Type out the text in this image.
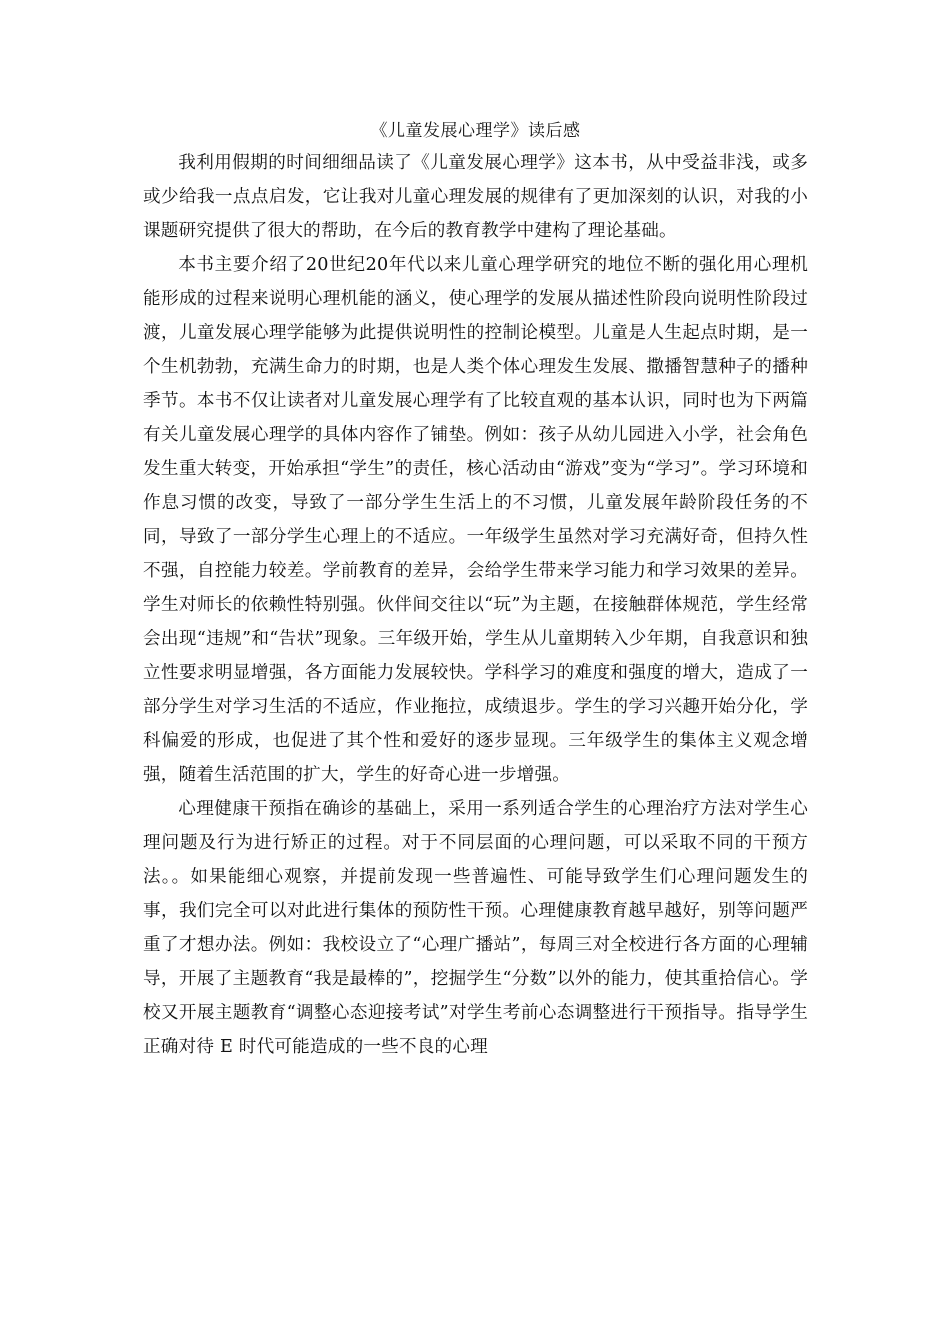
《儿童发展心理学》读后感

我利用假期的时间细细品读了《儿童发展心理学》这本书，从中受益非浅，或多或少给我一点点启发，它让我对儿童心理发展的规律有了更加深刻的认识，对我的小课题研究提供了很大的帮助，在今后的教育教学中建构了理论基础。

本书主要介绍了20世纪20年代以来儿童心理学研究的地位不断的强化用心理机能形成的过程来说明心理机能的涵义，使心理学的发展从描述性阶段向说明性阶段过渡，儿童发展心理学能够为此提供说明性的控制论模型。儿童是人生起点时期，是一个生机勃勃，充满生命力的时期，也是人类个体心理发生发展、撒播智慧种子的播种季节。本书不仅让读者对儿童发展心理学有了比较直观的基本认识，同时也为下两篇有关儿童发展心理学的具体内容作了铺垫。例如：孩子从幼儿园进入小学，社会角色发生重大转变，开始承担“学生”的责任，核心活动由“游戏”变为“学习”。学习环境和作息习惯的改变，导致了一部分学生生活上的不习惯，儿童发展年龄阶段任务的不同，导致了一部分学生心理上的不适应。一年级学生虽然对学习充满好奇，但持久性不强，自控能力较差。学前教育的差异，会给学生带来学习能力和学习效果的差异。学生对师长的依赖性特别强。伙伴间交往以“玩”为主题，在接触群体规范，学生经常会出现“违规”和“告状”现象。三年级开始，学生从儿童期转入少年期，自我意识和独立性要求明显增强，各方面能力发展较快。学科学习的难度和强度的增大，造成了一部分学生对学习生活的不适应，作业拖拉，成绩退步。学生的学习兴趣开始分化，学科偏爱的形成，也促进了其个性和爱好的逐步显现。三年级学生的集体主义观念增强，随着生活范围的扩大，学生的好奇心进一步增强。

心理健康干预指在确诊的基础上，采用一系列适合学生的心理治疗方法对学生心理问题及行为进行矫正的过程。对于不同层面的心理问题，可以采取不同的干预方法。。如果能细心观察，并提前发现一些普遍性、可能导致学生们心理问题发生的事，我们完全可以对此进行集体的预防性干预。心理健康教育越早越好，别等问题严重了才想办法。例如：我校设立了“心理广播站”，每周三对全校进行各方面的心理辅导，开展了主题教育“我是最棒的”，挖掘学生“分数”以外的能力，使其重拾信心。学校又开展主题教育“调整心态迎接考试”对学生考前心态调整进行干预指导。指导学生正确对待 E 时代可能造成的一些不良的心理
